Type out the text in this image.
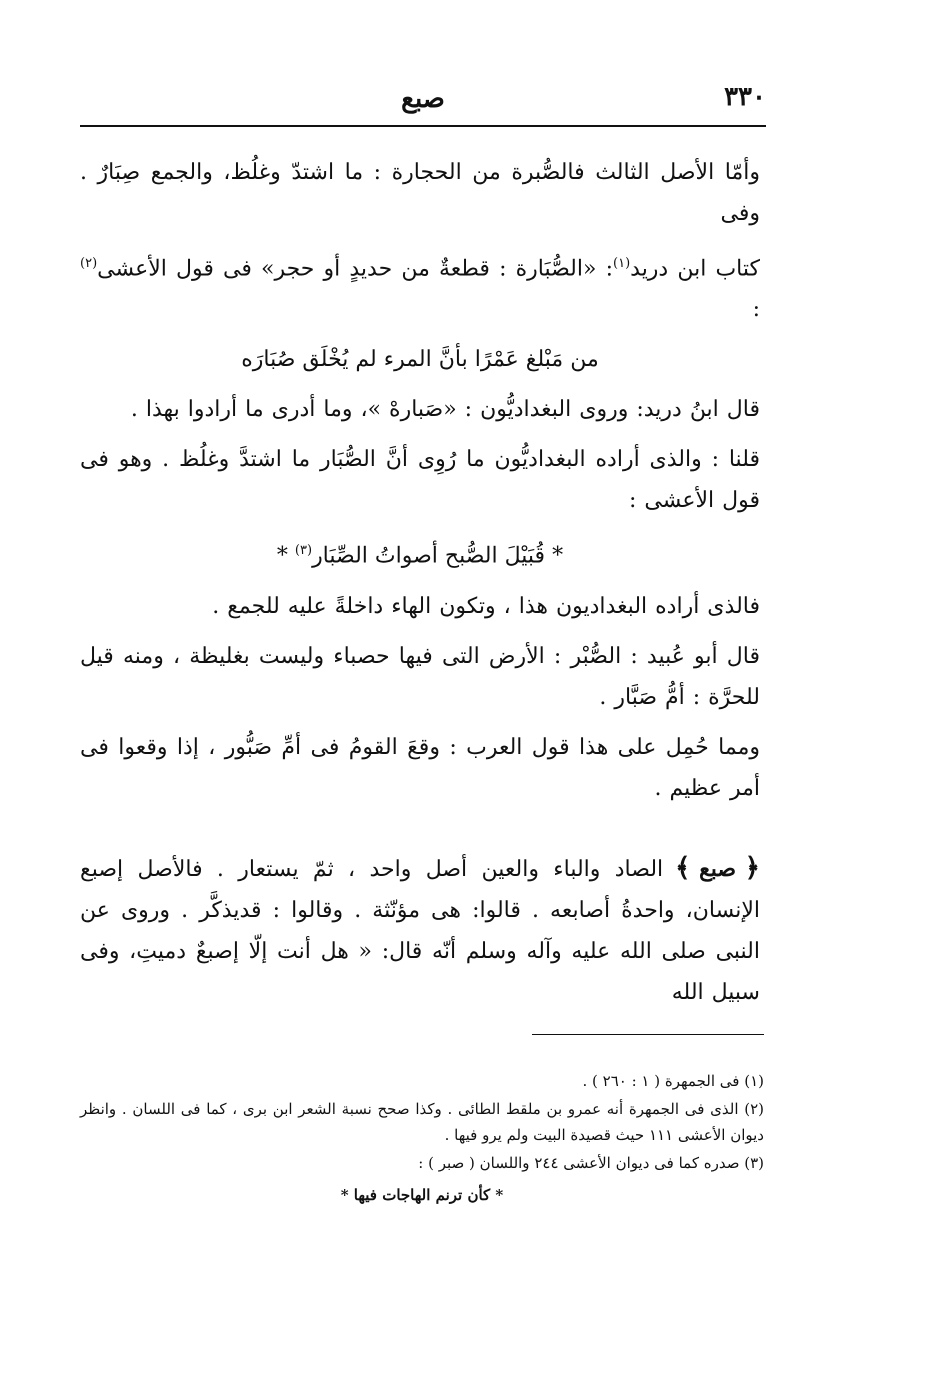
٣٣٠
صبع

وأمّا الأصل الثالث فالصُّبرة من الحجارة : ما اشتدّ وغلُظ، والجمع صِبَارٌ . وفى

كتاب ابن دريد$^{(١)}$: «الصُّبَارة : قطعةٌ من حديدٍ أو حجر» فى قول الأعشى$^{(٢)}$ :

من مَبْلغ عَمْرًا بأنَّ المرء لم يُخْلَق صُبَارَه

قال ابنُ دريد: وروى البغداديُّون : «صَبارهْ »، وما أدرى ما أرادوا بهذا .

قلنا : والذى أراده البغداديُّون ما رُوِى أنَّ الصُّبَار ما اشتدَّ وغلُظ . وهو فى قول الأعشى :

* قُبَيْلَ الصُّبح أصواتُ الصِّبَار$^{(٣)}$ *

فالذى أراده البغداديون هذا ، وتكون الهاء داخلةً عليه للجمع .

قال أبو عُبيد : الصُّبْر : الأرض التى فيها حصباء وليست بغليظة ، ومنه قيل للحرَّة : أمُّ صَبَّار .

ومما حُمِل على هذا قول العرب : وقعَ القومُ فى أمِّ صَبُّور ، إذا وقعوا فى أمر عظيم .

﴿ صبع ﴾الصاد والباء والعين أصل واحد ، ثمّ يستعار . فالأصل إصبع الإنسان، واحدةُ أصابعه . قالوا: هى مؤنّثة . وقالوا : قديذكَّر . وروى عن النبى صلى الله عليه وآله وسلم أنّه قال: « هل أنت إلّا إصبعٌ دميتِ، وفى سبيل الله

(١) فى الجمهرة ( ١ : ٢٦٠ ) .

(٢) الذى فى الجمهرة أنه عمرو بن ملقط الطائى . وكذا صحح نسبة الشعر ابن برى ، كما فى اللسان . وانظر ديوان الأعشى ١١١ حيث قصيدة البيت ولم يرو فيها .

(٣) صدره كما فى ديوان الأعشى ٢٤٤ واللسان ( صبر ) :

* كأن ترنم الهاجات فيها *
